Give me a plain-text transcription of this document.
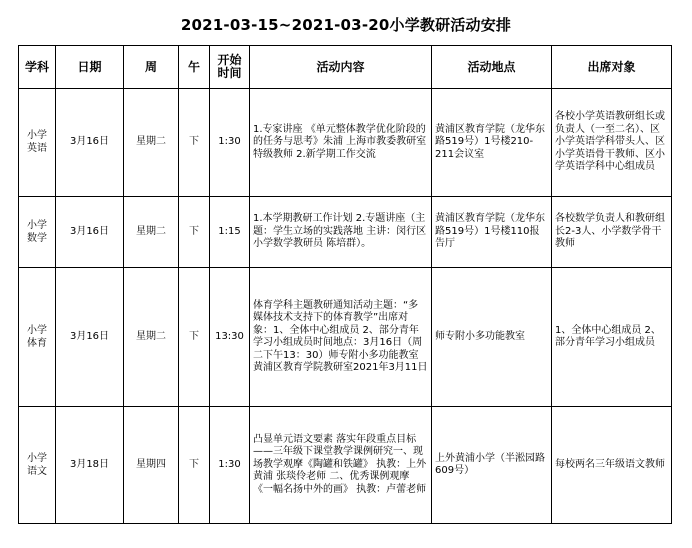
2021-03-15~2021-03-20小学教研活动安排
学科	日期	周	午	开始时间	活动内容	活动地点	出席对象
小学英语	3月16日	星期二	下	1:30	1.专家讲座 《单元整体教学优化阶段的的任务与思考》朱浦 上海市教委教研室特级教师 2.新学期工作交流	黄浦区教育学院（龙华东路519号）1号楼210-211会议室	各校小学英语教研组长或负责人（一至二名）、区小学英语学科带头人、区小学英语骨干教师、区小学英语学科中心组成员
小学数学	3月16日	星期二	下	1:15	1.本学期教研工作计划 2.专题讲座（主题：学生立场的实践落地 主讲：闵行区小学数学教研员 陈培群）。	黄浦区教育学院（龙华东路519号）1号楼110报告厅	各校数学负责人和教研组长2-3人、小学数学骨干教师
小学体育	3月16日	星期二	下	13:30	体育学科主题教研通知活动主题：“多媒体技术支持下的体育教学”出席对象：1、全体中心组成员 2、部分青年学习小组成员时间地点：3月16日（周二下午13：30）师专附小多功能教室黄浦区教育学院教研室2021年3月11日	师专附小多功能教室	1、全体中心组成员 2、部分青年学习小组成员
小学语文	3月18日	星期四	下	1:30	凸显单元语文要素 落实年段重点目标 ——三年级下课堂教学课例研究一、现场教学观摩《陶罐和铁罐》 执教：上外黄浦 张琰伶老师 二、优秀课例观摩《一幅名扬中外的画》 执教：卢蕾老师	上外黄浦小学（半淞园路609号）	每校两名三年级语文教师
